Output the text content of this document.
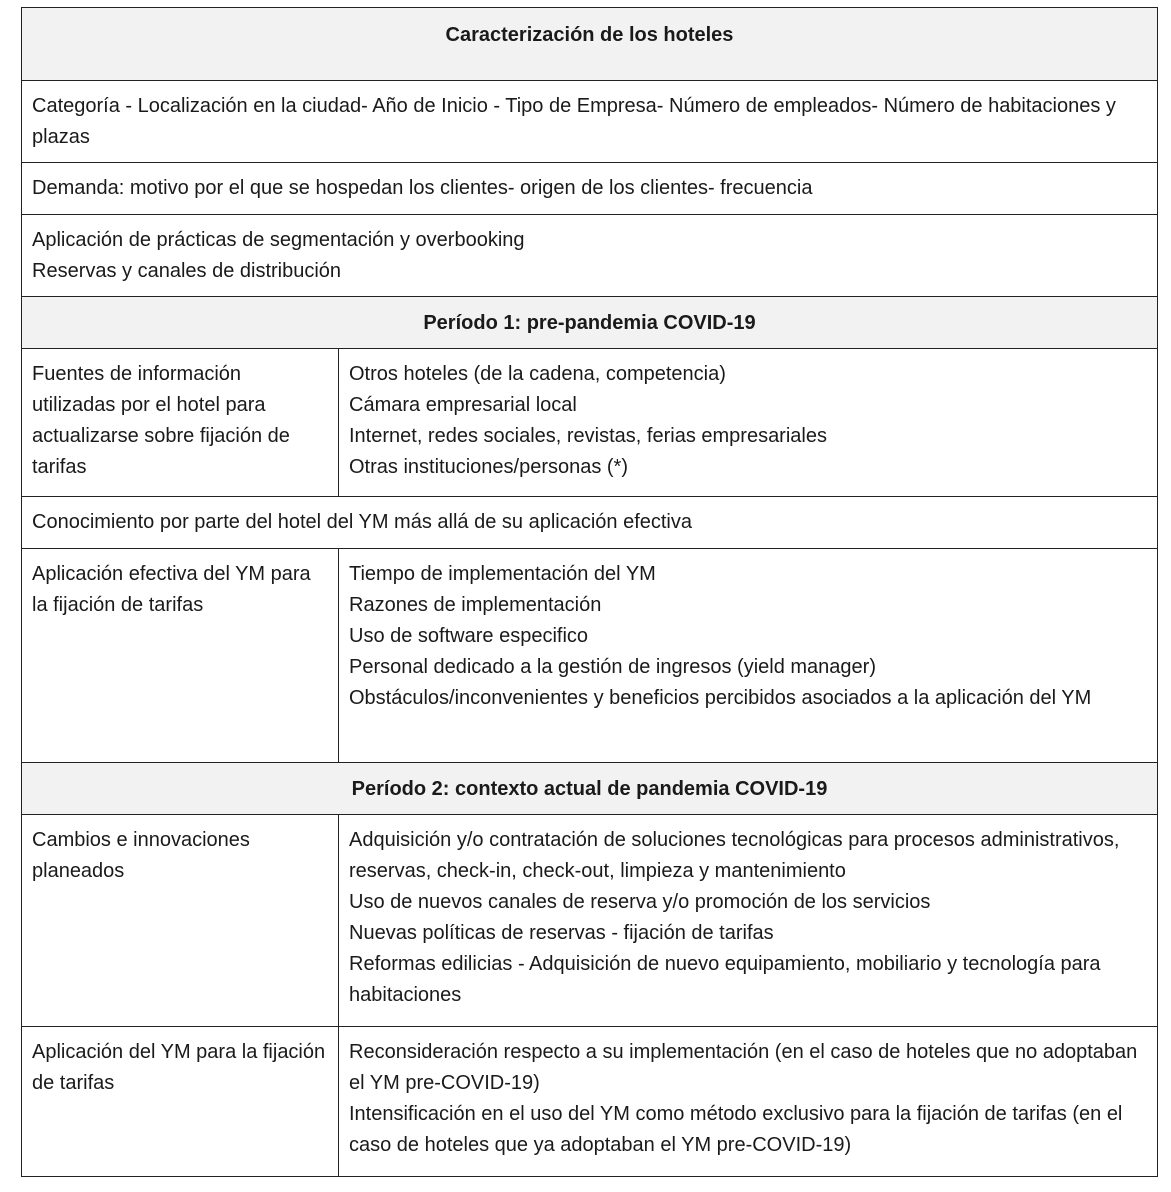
Caracterización de los hoteles
Categoría - Localización en la ciudad- Año de Inicio - Tipo de Empresa- Número de empleados- Número de habitaciones y plazas
Demanda: motivo por el que se hospedan los clientes- origen de los clientes- frecuencia
Aplicación de prácticas de segmentación y overbooking
Reservas y canales de distribución
Período 1: pre-pandemia COVID-19
Fuentes de información utilizadas por el hotel para actualizarse sobre fijación de tarifas
Otros hoteles (de la cadena, competencia)
Cámara empresarial local
Internet, redes sociales, revistas, ferias empresariales
Otras instituciones/personas (*)
Conocimiento por parte del hotel del YM más allá de su aplicación efectiva
Aplicación efectiva del YM para la fijación de tarifas
Tiempo de implementación del YM
Razones de implementación
Uso de software especifico
Personal dedicado a la gestión de ingresos (yield manager)
Obstáculos/inconvenientes y beneficios percibidos asociados a la aplicación del YM
Período 2: contexto actual de pandemia COVID-19
Cambios e innovaciones planeados
Adquisición y/o contratación de soluciones tecnológicas para procesos administrativos, reservas, check-in, check-out, limpieza y mantenimiento
Uso de nuevos canales de reserva y/o promoción de los servicios
Nuevas políticas de reservas - fijación de tarifas
Reformas edilicias - Adquisición de nuevo equipamiento, mobiliario y tecnología para habitaciones
Aplicación del YM para la fijación de tarifas
Reconsideración respecto a su implementación (en el caso de hoteles que no adoptaban el YM pre-COVID-19)
Intensificación en el uso del YM como método exclusivo para la fijación de tarifas (en el caso de hoteles que ya adoptaban el YM pre-COVID-19)
